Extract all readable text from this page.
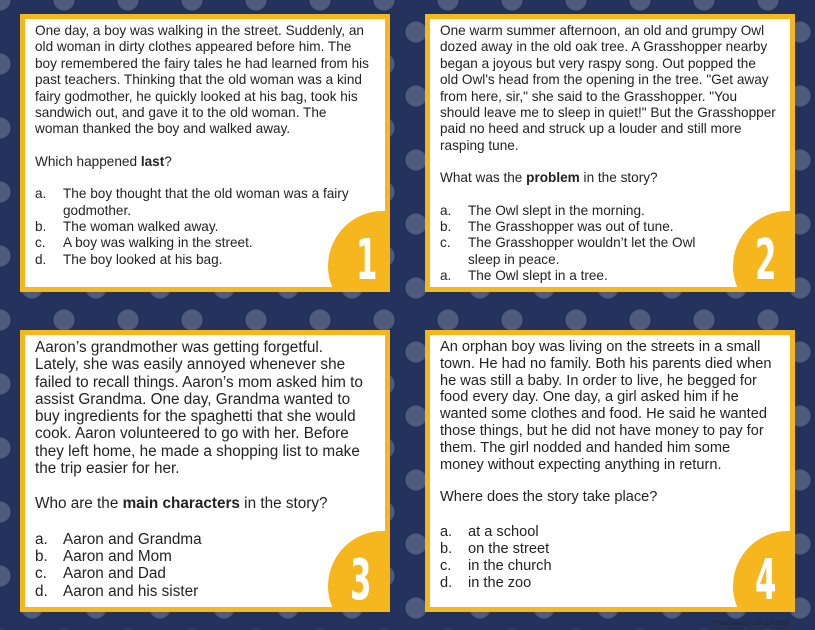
One day, a boy was walking in the street. Suddenly, an old woman in dirty clothes appeared before him. The boy remembered the fairy tales he had learned from his past teachers. Thinking that the old woman was a kind fairy godmother, he quickly looked at his bag, took his sandwich out, and gave it to the old woman. The woman thanked the boy and walked away.

Which happened last?

a.	The boy thought that the old woman was a fairy godmother.
b.	The woman walked away.
c.	A boy was walking in the street.
d.	The boy looked at his bag.	1

One warm summer afternoon, an old and grumpy Owl dozed away in the old oak tree. A Grasshopper nearby began a joyous but very raspy song. Out popped the old Owl's head from the opening in the tree. "Get away from here, sir," she said to the Grasshopper. "You should leave me to sleep in quiet!" But the Grasshopper paid no heed and struck up a louder and still more rasping tune.

What was the problem in the story?

a.	The Owl slept in the morning.
b.	The Grasshopper was out of tune.
c.	The Grasshopper wouldn’t let the Owl sleep in peace.
a.	The Owl slept in a tree.	2

Aaron’s grandmother was getting forgetful. Lately, she was easily annoyed whenever she failed to recall things. Aaron’s mom asked him to assist Grandma. One day, Grandma wanted to buy ingredients for the spaghetti that she would cook. Aaron volunteered to go with her. Before they left home, he made a shopping list to make the trip easier for her.

Who are the main characters in the story?

a. Aaron and Grandma
b. Aaron and Mom
c.	Aaron and Dad
d. Aaron and his sister	3

An orphan boy was living on the streets in a small town. He had no family. Both his parents died when he was still a baby. In order to live, he begged for food every day. One day, a girl asked him if he wanted some clothes and food. He said he wanted those things, but he did not have money to pay for them. The girl nodded and handed him some money without expecting anything in return.

Where does the story take place?

a.	at a school
b.	on the street
c.	in the church
d.	in the zoo	4
©The Literacy Loft LLC 2019
